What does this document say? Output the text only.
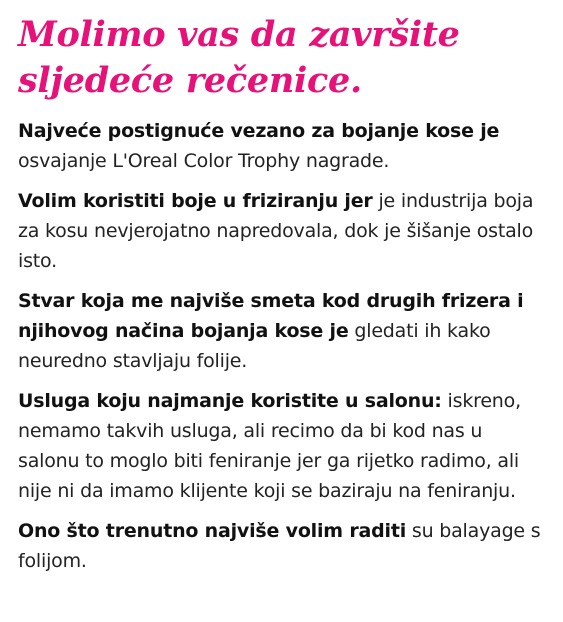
Molimo vas da završite
sljedeće rečenice.

Najveće postignuće vezano za bojanje kose je osvajanje L'Oreal Color Trophy nagrade.

Volim koristiti boje u friziranju jer je industrija boja za kosu nevjerojatno napredovala, dok je šišanje ostalo isto.

Stvar koja me najviše smeta kod drugih frizera i njihovog načina bojanja kose je gledati ih kako neuredno stavljaju folije.

Usluga koju najmanje koristite u salonu: iskreno, nemamo takvih usluga, ali recimo da bi kod nas u salonu to moglo biti feniranje jer ga rijetko radimo, ali nije ni da imamo klijente koji se baziraju na feniranju.

Ono što trenutno najviše volim raditi su balayage s folijom.
